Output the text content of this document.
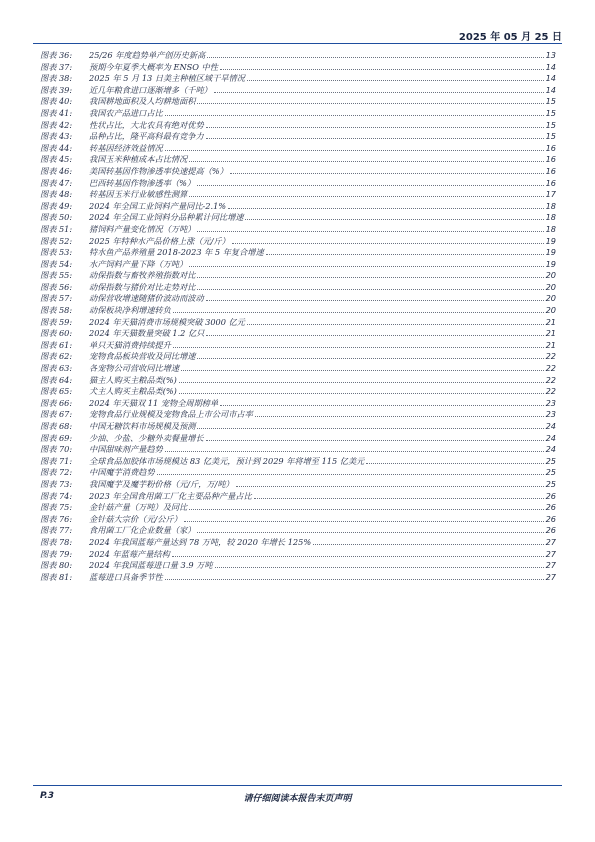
2025 年 05 月 25 日
图表 36:	25/26 年度趋势单产创历史新高	13
图表 37:	预期今年夏季大概率为 ENSO 中性	14
图表 38:	2025 年 5 月 13 日美主种植区域干旱情况	14
图表 39:	近几年粮食进口逐渐增多（千吨）	14
图表 40:	我国耕地面积及人均耕地面积	15
图表 41:	我国农产品进口占比	15
图表 42:	性状占比，大北农具有绝对优势	15
图表 43:	品种占比，隆平高科最有竞争力	15
图表 44:	转基因经济效益情况	16
图表 45:	我国玉米种植成本占比情况	16
图表 46:	美国转基因作物渗透率快速提高（%）	16
图表 47:	巴西转基因作物渗透率（%）	16
图表 48:	转基因玉米行业敏感性测算	17
图表 49:	2024 年全国工业饲料产量同比-2.1%	18
图表 50:	2024 年全国工业饲料分品种累计同比增速	18
图表 51:	猪饲料产量变化情况（万吨）	18
图表 52:	2025 年特种水产品价格上涨（元/斤）	19
图表 53:	特水鱼产品养殖量 2018-2023 年 5 年复合增速	19
图表 54:	水产饲料产量下降（万吨）	19
图表 55:	动保指数与畜牧养殖指数对比	20
图表 56:	动保指数与猪价对比走势对比	20
图表 57:	动保营收增速随猪价波动而波动	20
图表 58:	动保板块净利增速转负	20
图表 59:	2024 年天猫消费市场规模突破 3000 亿元	21
图表 60:	2024 年天猫数量突破 1.2 亿只	21
图表 61:	单只天猫消费持续提升	21
图表 62:	宠物食品板块营收及同比增速	22
图表 63:	各宠物公司营收同比增速	22
图表 64:	猫主人购买主粮品类(%)	22
图表 65:	犬主人购买主粮品类(%)	22
图表 66:	2024 年天猫双 11 宠物全周期榜单	23
图表 67:	宠物食品行业规模及宠物食品上市公司市占率	23
图表 68:	中国无糖饮料市场规模及预测	24
图表 69:	少油、少盐、少糖外卖餐量增长	24
图表 70:	中国甜味剂产量趋势	24
图表 71:	全球食品加胶体市场规模达 83 亿美元，预计到 2029 年将增至 115 亿美元	25
图表 72:	中国魔芋消费趋势	25
图表 73:	我国魔芋及魔芋粉价格（元/斤，万/吨）	25
图表 74:	2023 年全国食用菌工厂化主要品种产量占比	26
图表 75:	金针菇产量（万吨）及同比	26
图表 76:	金针菇大宗价（元/公斤）	26
图表 77:	食用菌工厂化企业数量（家）	26
图表 78:	2024 年我国蓝莓产量达到 78 万吨，较 2020 年增长 125%	27
图表 79:	2024 年蓝莓产量结构	27
图表 80:	2024 年我国蓝莓进口量 3.9 万吨	27
图表 81:	蓝莓进口具备季节性	27
P.3	请仔细阅读本报告末页声明
